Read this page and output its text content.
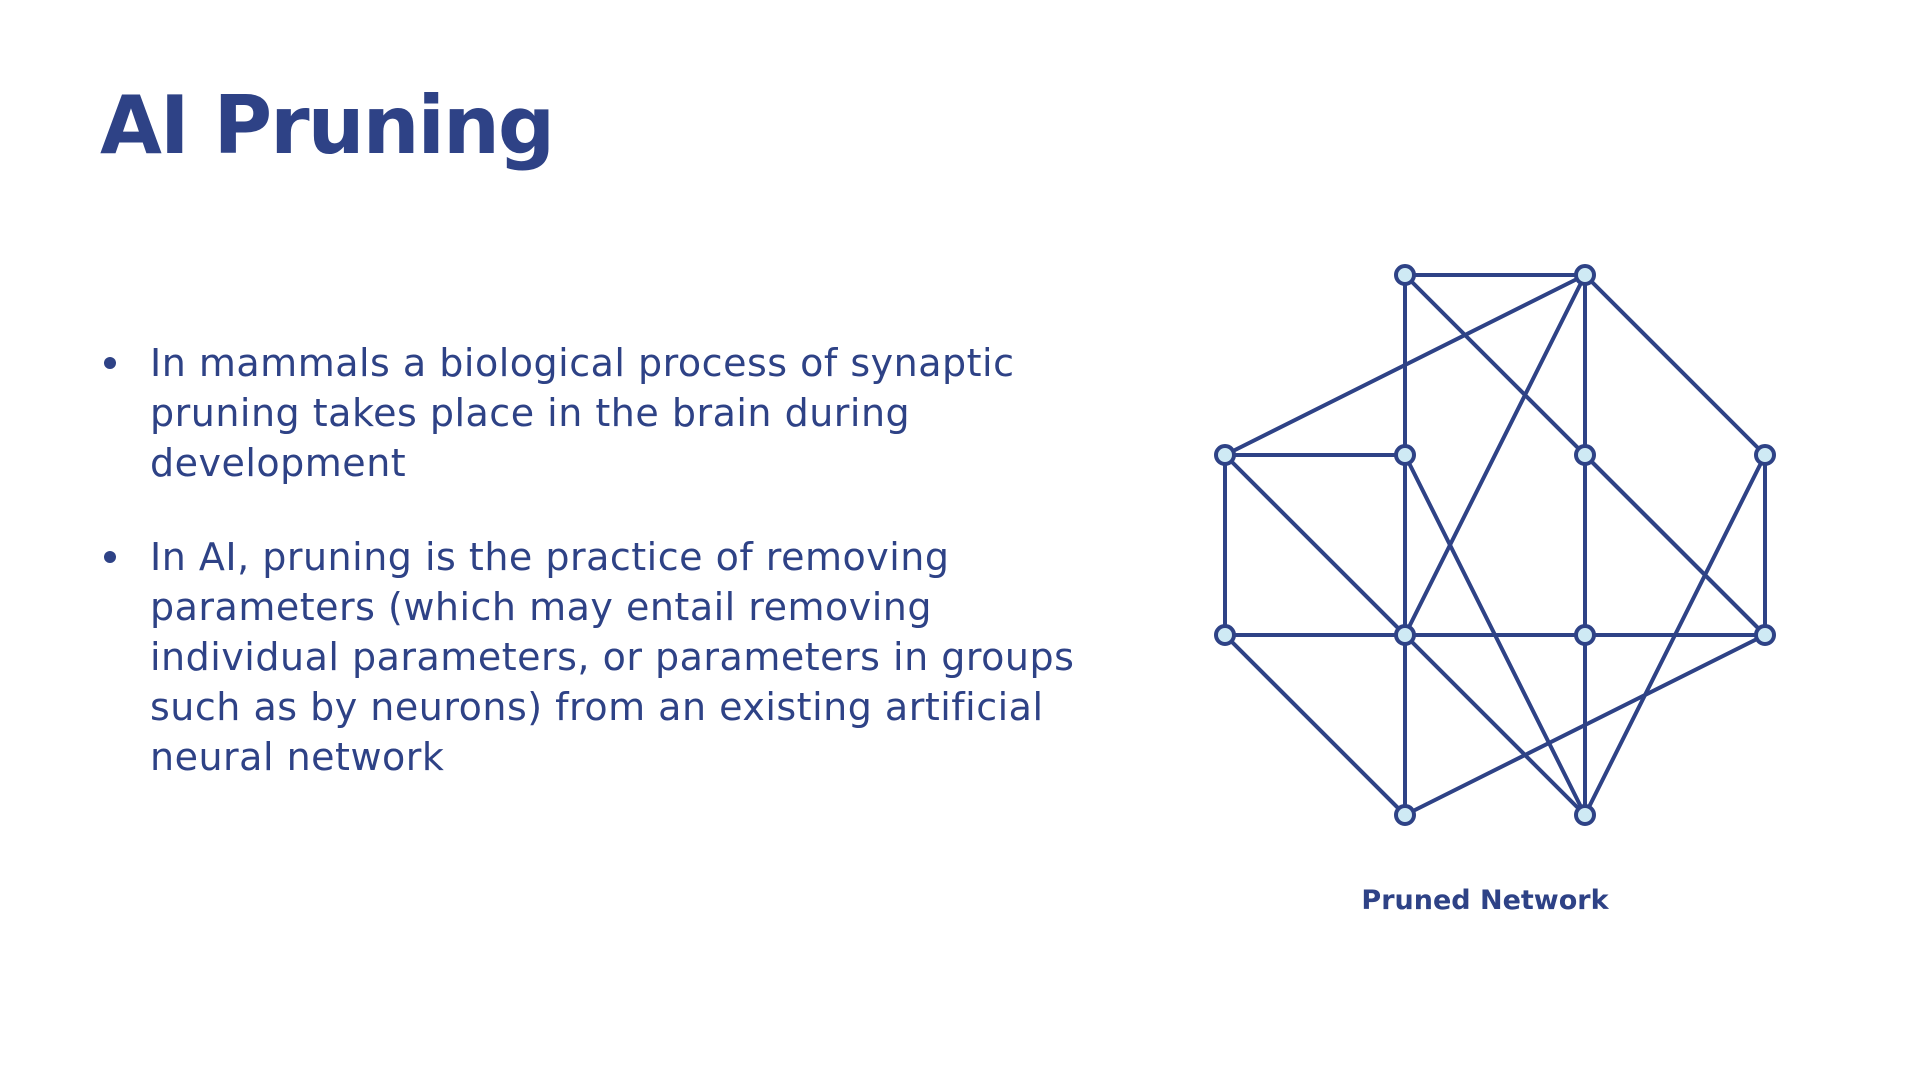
AI Pruning
In mammals a biological process of synaptic pruning takes place in the brain during development
In AI, pruning is the practice of removing parameters (which may entail removing individual parameters, or parameters in groups such as by neurons) from an existing artificial neural network
Pruned Network
